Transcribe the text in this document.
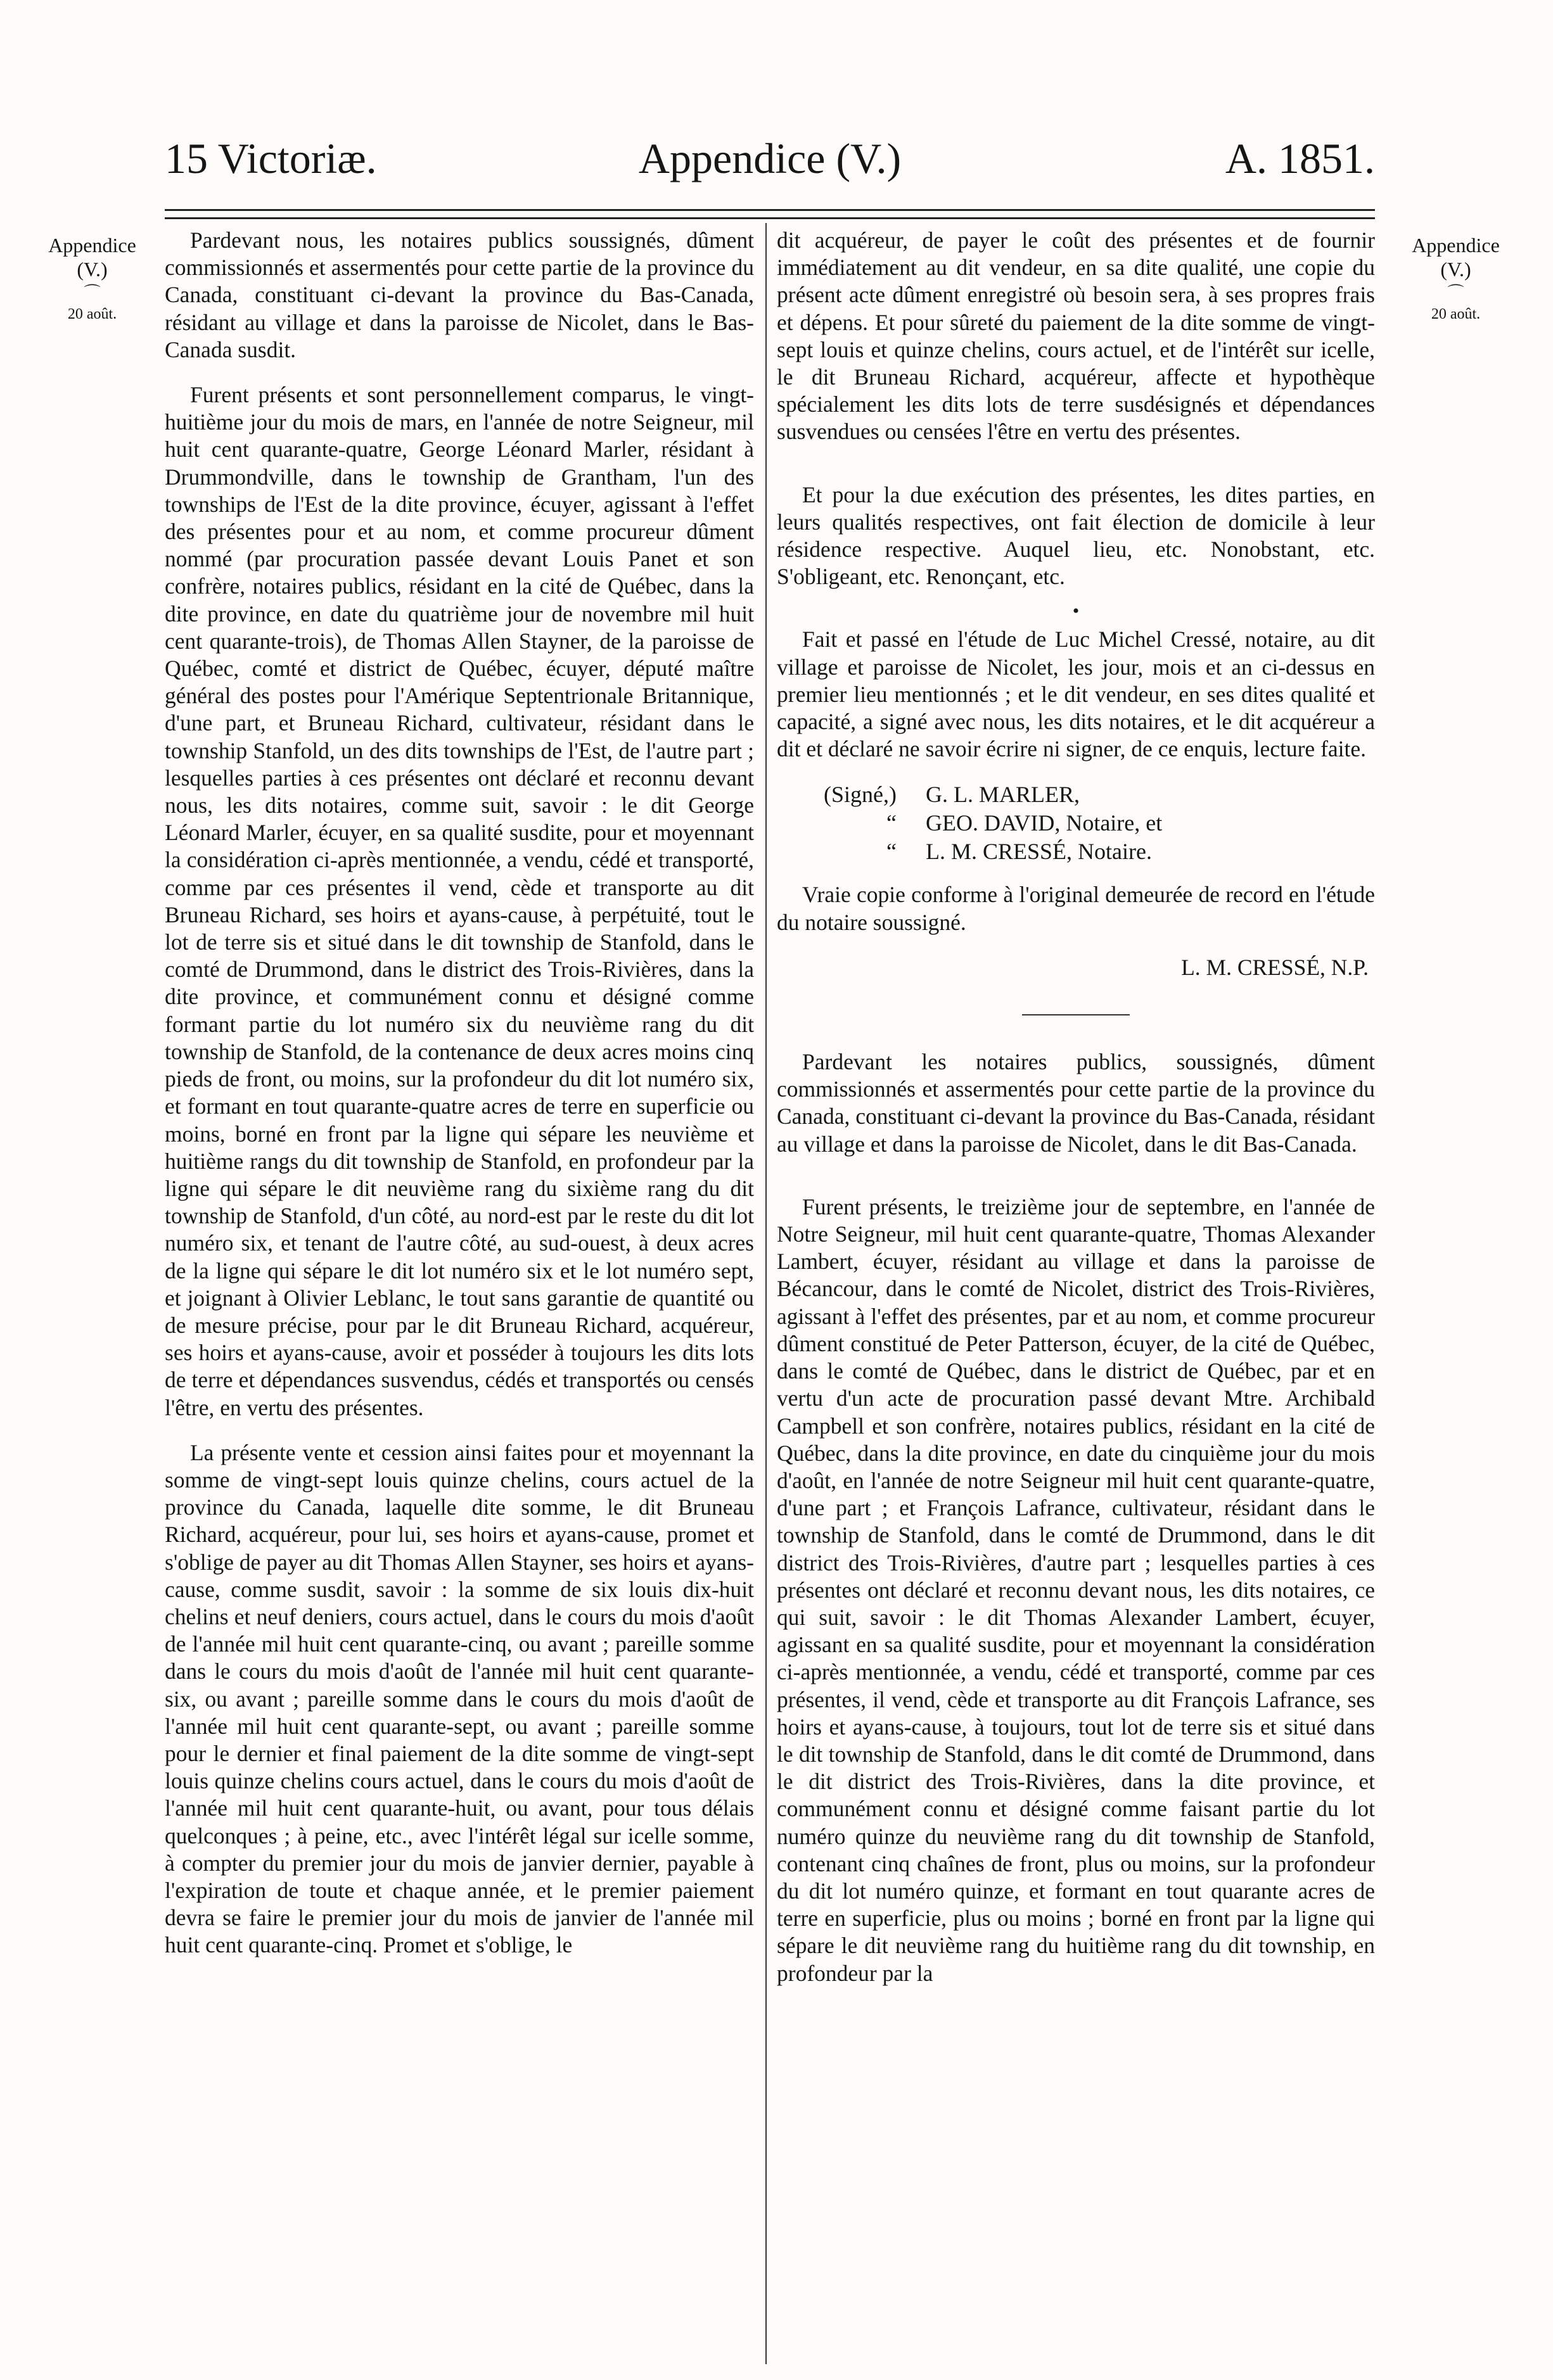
15 Victoriæ.	Appendice (V.)	A. 1851.
Appendice
(V.)
⌒
20 août.
Appendice
(V.)
⌒
20 août.

Pardevant nous, les notaires publics soussignés, dûment commissionnés et assermentés pour cette partie de la province du Canada, constituant ci-devant la province du Bas-Canada, résidant au village et dans la paroisse de Nicolet, dans le Bas-Canada susdit.

Furent présents et sont personnellement comparus, le vingt-huitième jour du mois de mars, en l'année de notre Seigneur, mil huit cent quarante-quatre, George Léonard Marler, résidant à Drummondville, dans le township de Grantham, l'un des townships de l'Est de la dite province, écuyer, agissant à l'effet des présentes pour et au nom, et comme procureur dûment nommé (par procuration passée devant Louis Panet et son confrère, notaires publics, résidant en la cité de Québec, dans la dite province, en date du quatrième jour de novembre mil huit cent quarante-trois), de Thomas Allen Stayner, de la paroisse de Québec, comté et district de Québec, écuyer, député maître général des postes pour l'Amérique Septentrionale Britannique, d'une part, et Bruneau Richard, cultivateur, résidant dans le township Stanfold, un des dits townships de l'Est, de l'autre part ; lesquelles parties à ces présentes ont déclaré et reconnu devant nous, les dits notaires, comme suit, savoir : le dit George Léonard Marler, écuyer, en sa qualité susdite, pour et moyennant la considération ci-après mentionnée, a vendu, cédé et transporté, comme par ces présentes il vend, cède et transporte au dit Bruneau Richard, ses hoirs et ayans-cause, à perpétuité, tout le lot de terre sis et situé dans le dit township de Stanfold, dans le comté de Drummond, dans le district des Trois-Rivières, dans la dite province, et communément connu et désigné comme formant partie du lot numéro six du neuvième rang du dit township de Stanfold, de la contenance de deux acres moins cinq pieds de front, ou moins, sur la profondeur du dit lot numéro six, et formant en tout quarante-quatre acres de terre en superficie ou moins, borné en front par la ligne qui sépare les neuvième et huitième rangs du dit township de Stanfold, en profondeur par la ligne qui sépare le dit neuvième rang du sixième rang du dit township de Stanfold, d'un côté, au nord-est par le reste du dit lot numéro six, et tenant de l'autre côté, au sud-ouest, à deux acres de la ligne qui sépare le dit lot numéro six et le lot numéro sept, et joignant à Olivier Leblanc, le tout sans garantie de quantité ou de mesure précise, pour par le dit Bruneau Richard, acquéreur, ses hoirs et ayans-cause, avoir et posséder à toujours les dits lots de terre et dépendances susvendus, cédés et transportés ou censés l'être, en vertu des présentes.

La présente vente et cession ainsi faites pour et moyennant la somme de vingt-sept louis quinze chelins, cours actuel de la province du Canada, laquelle dite somme, le dit Bruneau Richard, acquéreur, pour lui, ses hoirs et ayans-cause, promet et s'oblige de payer au dit Thomas Allen Stayner, ses hoirs et ayans-cause, comme susdit, savoir : la somme de six louis dix-huit chelins et neuf deniers, cours actuel, dans le cours du mois d'août de l'année mil huit cent quarante-cinq, ou avant ; pareille somme dans le cours du mois d'août de l'année mil huit cent quarante-six, ou avant ; pareille somme dans le cours du mois d'août de l'année mil huit cent quarante-sept, ou avant ; pareille somme pour le dernier et final paiement de la dite somme de vingt-sept louis quinze chelins cours actuel, dans le cours du mois d'août de l'année mil huit cent quarante-huit, ou avant, pour tous délais quelconques ; à peine, etc., avec l'intérêt légal sur icelle somme, à compter du premier jour du mois de janvier dernier, payable à l'expiration de toute et chaque année, et le premier paiement devra se faire le premier jour du mois de janvier de l'année mil huit cent quarante-cinq. Promet et s'oblige, le

dit acquéreur, de payer le coût des présentes et de fournir immédiatement au dit vendeur, en sa dite qualité, une copie du présent acte dûment enregistré où besoin sera, à ses propres frais et dépens. Et pour sûreté du paiement de la dite somme de vingt-sept louis et quinze chelins, cours actuel, et de l'intérêt sur icelle, le dit Bruneau Richard, acquéreur, affecte et hypothèque spécialement les dits lots de terre susdésignés et dépendances susvendues ou censées l'être en vertu des présentes.

Et pour la due exécution des présentes, les dites parties, en leurs qualités respectives, ont fait élection de domicile à leur résidence respective. Auquel lieu, etc. Nonobstant, etc. S'obligeant, etc. Renonçant, etc.

•

Fait et passé en l'étude de Luc Michel Cressé, notaire, au dit village et paroisse de Nicolet, les jour, mois et an ci-dessus en premier lieu mentionnés ; et le dit vendeur, en ses dites qualité et capacité, a signé avec nous, les dits notaires, et le dit acquéreur a dit et déclaré ne savoir écrire ni signer, de ce enquis, lecture faite.

(Signé,)	G. L. MARLER,
“	GEO. DAVID, Notaire, et
“	L. M. CRESSÉ, Notaire.

Vraie copie conforme à l'original demeurée de record en l'étude du notaire soussigné.

L. M. CRESSÉ, N.P.

Pardevant les notaires publics, soussignés, dûment commissionnés et assermentés pour cette partie de la province du Canada, constituant ci-devant la province du Bas-Canada, résidant au village et dans la paroisse de Nicolet, dans le dit Bas-Canada.

Furent présents, le treizième jour de septembre, en l'année de Notre Seigneur, mil huit cent quarante-quatre, Thomas Alexander Lambert, écuyer, résidant au village et dans la paroisse de Bécancour, dans le comté de Nicolet, district des Trois-Rivières, agissant à l'effet des présentes, par et au nom, et comme procureur dûment constitué de Peter Patterson, écuyer, de la cité de Québec, dans le comté de Québec, dans le district de Québec, par et en vertu d'un acte de procuration passé devant Mtre. Archibald Campbell et son confrère, notaires publics, résidant en la cité de Québec, dans la dite province, en date du cinquième jour du mois d'août, en l'année de notre Seigneur mil huit cent quarante-quatre, d'une part ; et François Lafrance, cultivateur, résidant dans le township de Stanfold, dans le comté de Drummond, dans le dit district des Trois-Rivières, d'autre part ; lesquelles parties à ces présentes ont déclaré et reconnu devant nous, les dits notaires, ce qui suit, savoir : le dit Thomas Alexander Lambert, écuyer, agissant en sa qualité susdite, pour et moyennant la considération ci-après mentionnée, a vendu, cédé et transporté, comme par ces présentes, il vend, cède et transporte au dit François Lafrance, ses hoirs et ayans-cause, à toujours, tout lot de terre sis et situé dans le dit township de Stanfold, dans le dit comté de Drummond, dans le dit district des Trois-Rivières, dans la dite province, et communément connu et désigné comme faisant partie du lot numéro quinze du neuvième rang du dit township de Stanfold, contenant cinq chaînes de front, plus ou moins, sur la profondeur du dit lot numéro quinze, et formant en tout quarante acres de terre en superficie, plus ou moins ; borné en front par la ligne qui sépare le dit neuvième rang du huitième rang du dit township, en profondeur par la
